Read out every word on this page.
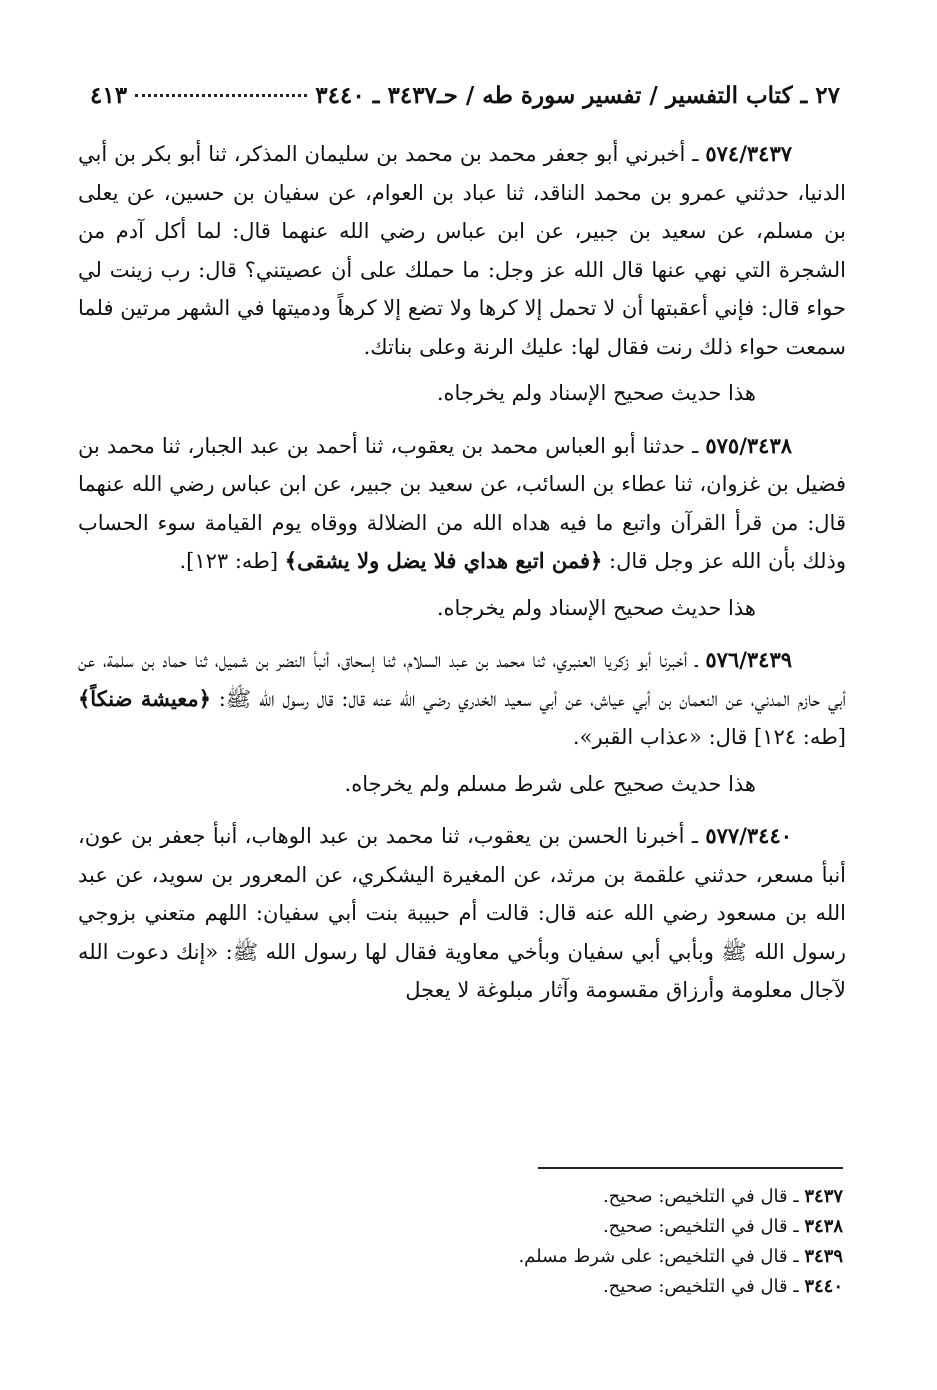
٢٧ ـ كتاب التفسير / تفسير سورة طه / حـ٣٤٣٧ ـ ٣٤٤٠
٤١٣

٥٧٤/٣٤٣٧ ـ أخبرني أبو جعفر محمد بن محمد بن سليمان المذكر، ثنا أبو بكر بن أبي الدنيا، حدثني عمرو بن محمد الناقد، ثنا عباد بن العوام، عن سفيان بن حسين، عن يعلى بن مسلم، عن سعيد بن جبير، عن ابن عباس رضي الله عنهما قال: لما أكل آدم من الشجرة التي نهي عنها قال الله عز وجل: ما حملك على أن عصيتني؟ قال: رب زينت لي حواء قال: فإني أعقبتها أن لا تحمل إلا كرها ولا تضع إلا كرهاً ودميتها في الشهر مرتين فلما سمعت حواء ذلك رنت فقال لها: عليك الرنة وعلى بناتك.

هذا حديث صحيح الإسناد ولم يخرجاه.

٥٧٥/٣٤٣٨ ـ حدثنا أبو العباس محمد بن يعقوب، ثنا أحمد بن عبد الجبار، ثنا محمد بن فضيل بن غزوان، ثنا عطاء بن السائب، عن سعيد بن جبير، عن ابن عباس رضي الله عنهما قال: من قرأ القرآن واتبع ما فيه هداه الله من الضلالة ووقاه يوم القيامة سوء الحساب وذلك بأن الله عز وجل قال: ﴿فمن اتبع هداي فلا يضل ولا يشقى﴾ [طه: ١٢٣].

هذا حديث صحيح الإسناد ولم يخرجاه.

٥٧٦/٣٤٣٩ ـ أخبرنا أبو زكريا العنبري، ثنا محمد بن عبد السلام، ثنا إسحاق، أنبأ النضر بن شميل، ثنا حماد بن سلمة، عن أبي حازم المدني، عن النعمان بن أبي عياش، عن أبي سعيد الخدري رضي الله عنه قال: قال رسول الله ﷺ: ﴿معيشة ضنكاً﴾ [طه: ١٢٤] قال: «عذاب القبر».

هذا حديث صحيح على شرط مسلم ولم يخرجاه.

٥٧٧/٣٤٤٠ ـ أخبرنا الحسن بن يعقوب، ثنا محمد بن عبد الوهاب، أنبأ جعفر بن عون، أنبأ مسعر، حدثني علقمة بن مرثد، عن المغيرة اليشكري، عن المعرور بن سويد، عن عبد الله بن مسعود رضي الله عنه قال: قالت أم حبيبة بنت أبي سفيان: اللهم متعني بزوجي رسول الله ﷺ وبأبي أبي سفيان وبأخي معاوية فقال لها رسول الله ﷺ: «إنك دعوت الله لآجال معلومة وأرزاق مقسومة وآثار مبلوغة لا يعجل

٣٤٣٧ ـ قال في التلخيص: صحيح.
٣٤٣٨ ـ قال في التلخيص: صحيح.
٣٤٣٩ ـ قال في التلخيص: على شرط مسلم.
٣٤٤٠ ـ قال في التلخيص: صحيح.
